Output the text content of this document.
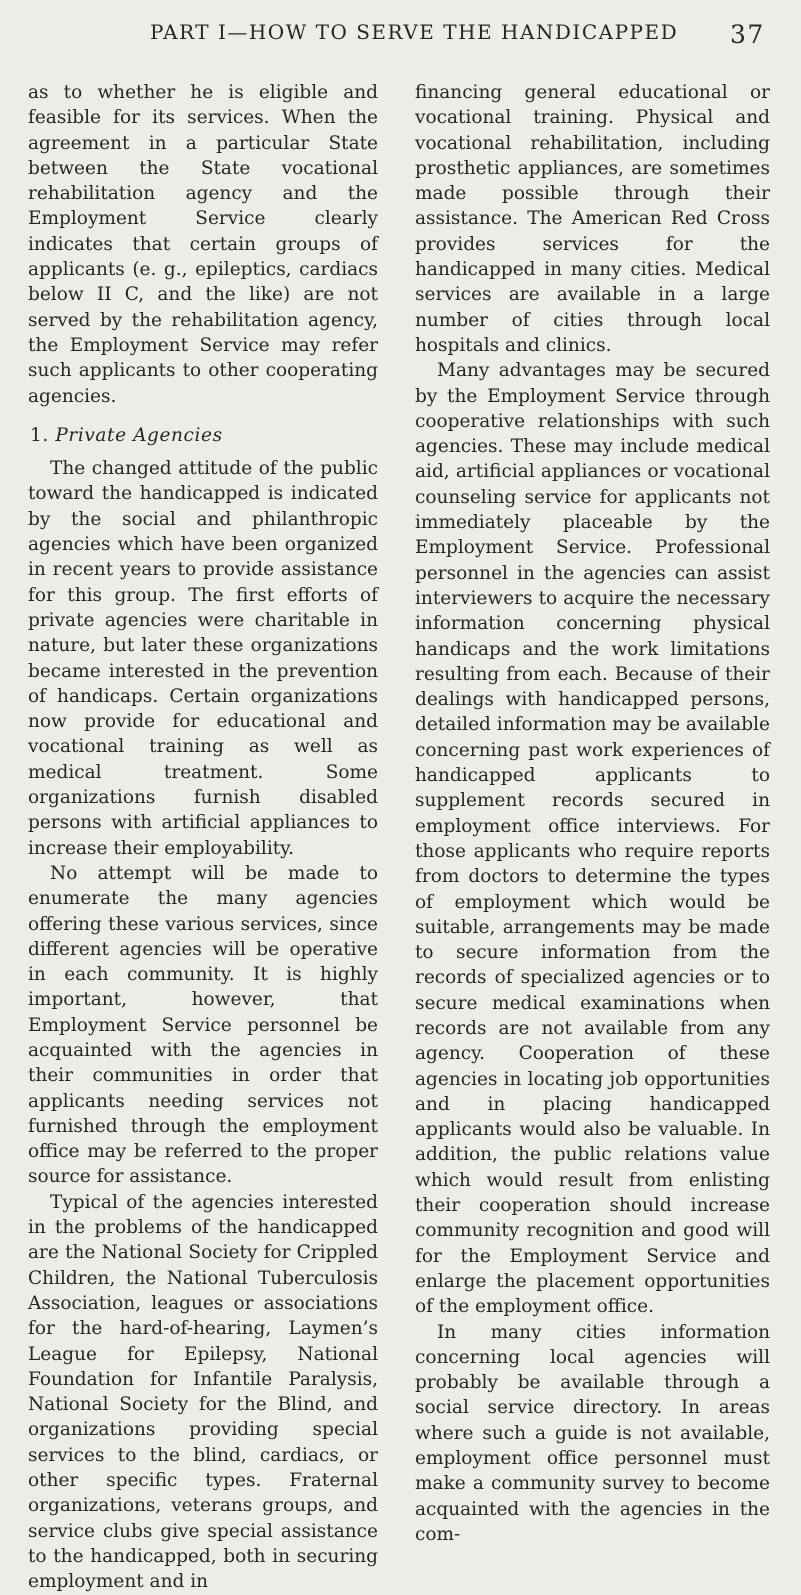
PART I—HOW TO SERVE THE HANDICAPPED 37

as to whether he is eligible and feasible for its services. When the agreement in a particular State between the State vocational rehabilitation agency and the Employment Service clearly indicates that certain groups of applicants (e. g., epileptics, cardiacs below II C, and the like) are not served by the rehabilitation agency, the Employment Service may refer such applicants to other cooperating agencies.

1. Private Agencies

The changed attitude of the public toward the handicapped is indicated by the social and philanthropic agencies which have been organized in recent years to provide assistance for this group. The first efforts of private agencies were charitable in nature, but later these organizations became interested in the prevention of handicaps. Certain organizations now provide for educational and vocational training as well as medical treatment. Some organizations furnish disabled persons with artificial appliances to increase their employability.

No attempt will be made to enumerate the many agencies offering these various services, since different agencies will be operative in each community. It is highly important, however, that Employment Service personnel be acquainted with the agencies in their communities in order that applicants needing services not furnished through the employment office may be referred to the proper source for assistance.

Typical of the agencies interested in the problems of the handicapped are the National Society for Crippled Children, the National Tuberculosis Association, leagues or associations for the hard-of-hearing, Laymen’s League for Epilepsy, National Foundation for Infantile Paralysis, National Society for the Blind, and organizations providing special services to the blind, cardiacs, or other specific types. Fraternal organizations, veterans groups, and service clubs give special assistance to the handicapped, both in securing employment and in

financing general educational or vocational training. Physical and vocational rehabilitation, including prosthetic appliances, are sometimes made possible through their assistance. The American Red Cross provides services for the handicapped in many cities. Medical services are available in a large number of cities through local hospitals and clinics.

Many advantages may be secured by the Employment Service through cooperative relationships with such agencies. These may include medical aid, artificial appliances or vocational counseling service for applicants not immediately placeable by the Employment Service. Professional personnel in the agencies can assist interviewers to acquire the necessary information concerning physical handicaps and the work limitations resulting from each. Because of their dealings with handicapped persons, detailed information may be available concerning past work experiences of handicapped applicants to supplement records secured in employment office interviews. For those applicants who require reports from doctors to determine the types of employment which would be suitable, arrangements may be made to secure information from the records of specialized agencies or to secure medical examinations when records are not available from any agency. Cooperation of these agencies in locating job opportunities and in placing handicapped applicants would also be valuable. In addition, the public relations value which would result from enlisting their cooperation should increase community recognition and good will for the Employment Service and enlarge the placement opportunities of the employment office.

In many cities information concerning local agencies will probably be available through a social service directory. In areas where such a guide is not available, employment office personnel must make a community survey to become acquainted with the agencies in the com-
